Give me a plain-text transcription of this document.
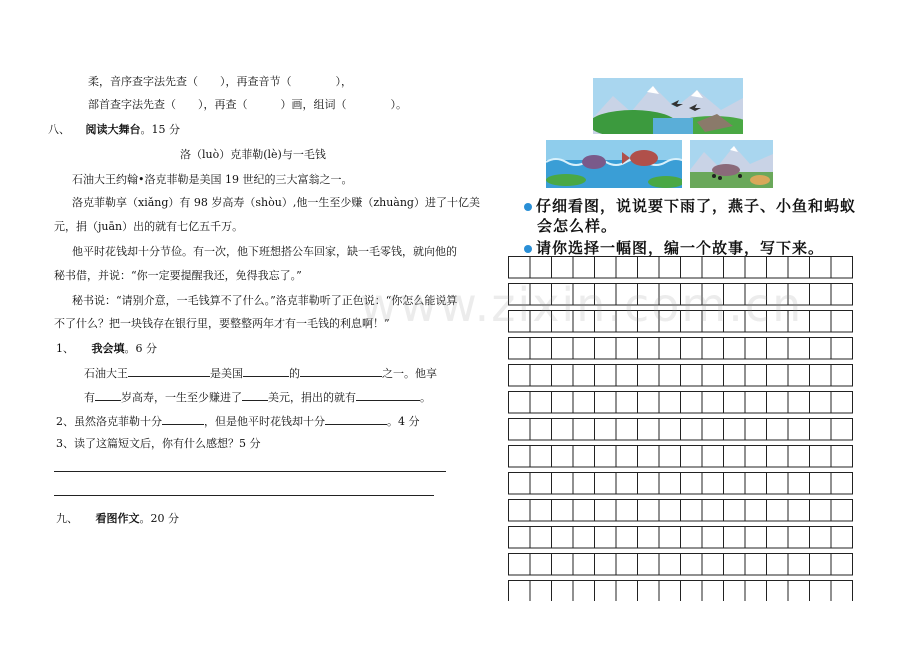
柔，音序查字法先查（　　），再查音节（　　　　），
部首查字法先查（　　），再查（　　　）画，组词（　　　　）。
八、 阅读大舞台。15 分
洛（luò）克菲勒(lè)与一毛钱
石油大王约翰•洛克菲勒是美国 19 世纪的三大富翁之一。
洛克菲勒享（xiǎng）有 98 岁高寿（shòu）,他一生至少赚（zhuàng）进了十亿美
元，捐（juān）出的就有七亿五千万。
他平时花钱却十分节俭。有一次，他下班想搭公车回家，缺一毛零钱，就向他的
秘书借，并说：“你一定要提醒我还，免得我忘了。”
秘书说：“请别介意，一毛钱算不了什么。”洛克菲勒听了正色说：“你怎么能说算
不了什么？把一块钱存在银行里，要整整两年才有一毛钱的利息啊！”
1、 我会填。6 分
石油大王	是美国	的	之一。他享
有 岁高寿，一生至少赚进了 美元，捐出的就有	。
2、虽然洛克菲勒十分	，但是他平时花钱却十分	。4 分
3、读了这篇短文后，你有什么感想？5 分
九、 看图作文。20 分
仔细看图，说说要下雨了，燕子、小鱼和蚂蚁
会怎么样。
请你选择一幅图，编一个故事，写下来。
www.zixin.com.cn
